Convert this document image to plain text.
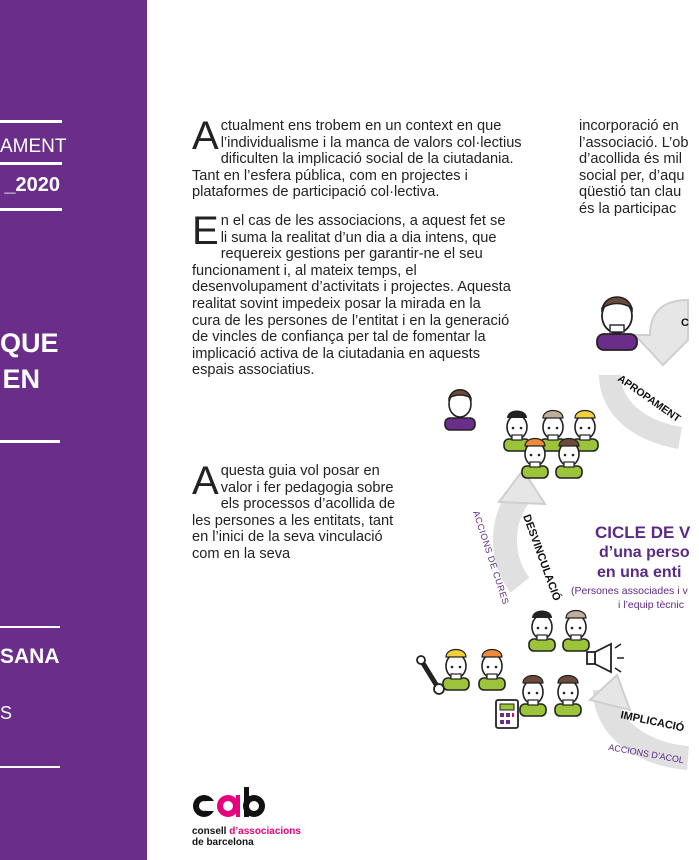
AMENT
_2020
QUE
EN
SANA
S

Actualment ens trobem en un context en que l’individualisme i la manca de valors col·lectius dificulten la implicació social de la ciutadania. Tant en l’esfera pública, com en projectes i plataformes de participació col·lectiva.

En el cas de les associacions, a aquest fet se li suma la realitat d’un dia a dia intens, que requereix gestions per garantir-ne el seu funcionament i, al mateix temps, el desenvolupament d’activitats i projectes. Aquesta realitat sovint impedeix posar la mirada en la cura de les persones de l’entitat i en la generació de vincles de confiança per tal de fomentar la implicació activa de la ciutadania en aquests espais associatius.

Aquesta guia vol posar en valor i fer pedagogia sobre els processos d’acollida de les persones a les entitats, tant en l’inici de la seva vinculació com en la seva

incorporació en
l’associació. L’ob
d’acollida és mil
social per, d’aqu
qüestió tan clau
és la participac
APROPAMENT
C
DESVINCULACIÓ
ACCIONS DE CURES
IMPLICACIÓ
ACCIONS D’ACOL
CICLE DE V
d’una perso
en una enti
(Persones associades i v
i l’equip tècnic
consell d’associacions
de barcelona
